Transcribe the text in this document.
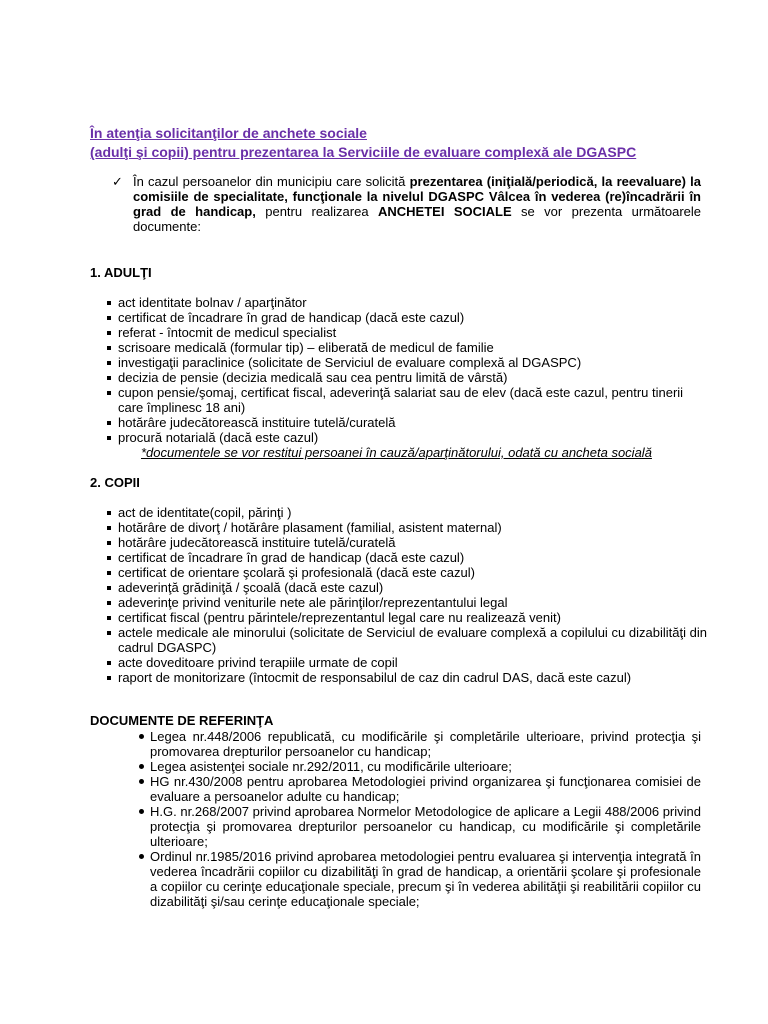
În atenţia solicitanţilor de anchete sociale
(adulţi şi copii) pentru prezentarea la Serviciile de evaluare complexă ale DGASPC
✓ În cazul persoanelor din municipiu care solicită prezentarea (iniţială/periodică, la reevaluare) la comisiile de specialitate, funcţionale la nivelul DGASPC Vâlcea în vederea (re)încadrării în grad de handicap, pentru realizarea ANCHETEI SOCIALE se vor prezenta următoarele documente:
1. ADULŢI
act identitate bolnav / aparţinător
certificat de încadrare în grad de handicap (dacă este cazul)
referat - întocmit de medicul specialist
scrisoare medicală (formular tip) – eliberată de medicul de familie
investigaţii paraclinice (solicitate de Serviciul de evaluare complexă al DGASPC)
decizia de pensie (decizia medicală sau cea pentru limită de vârstă)
cupon pensie/şomaj, certificat fiscal, adeverinţă salariat sau de elev (dacă este cazul, pentru tinerii care împlinesc 18 ani)
hotărâre judecătorească instituire tutelă/curatelă
procură notarială (dacă este cazul)
*documentele se vor restitui persoanei în cauză/aparţinătorului, odată cu ancheta socială
2. COPII
act de identitate(copil, părinţi )
hotărâre de divorţ / hotărâre plasament (familial, asistent maternal)
hotărâre judecătorească instituire tutelă/curatelă
certificat de încadrare în grad de handicap (dacă este cazul)
certificat de orientare şcolară şi profesională (dacă este cazul)
adeverinţă grădiniţă / şcoală (dacă este cazul)
adeverinţe privind veniturile nete ale părinţilor/reprezentantului legal
certificat fiscal (pentru părintele/reprezentantul legal care nu realizează venit)
actele medicale ale minorului (solicitate de Serviciul de evaluare complexă a copilului cu dizabilităţi din cadrul DGASPC)
acte doveditoare privind terapiile urmate de copil
raport de monitorizare (întocmit de responsabilul de caz din cadrul DAS, dacă este cazul)
DOCUMENTE DE REFERINŢA
Legea nr.448/2006 republicată, cu modificările şi completările ulterioare, privind protecţia şi promovarea drepturilor persoanelor cu handicap;
Legea asistenţei sociale nr.292/2011, cu modificările ulterioare;
HG nr.430/2008 pentru aprobarea Metodologiei privind organizarea şi funcţionarea comisiei de evaluare a persoanelor adulte cu handicap;
H.G. nr.268/2007 privind aprobarea Normelor Metodologice de aplicare a Legii 488/2006 privind protecţia şi promovarea drepturilor persoanelor cu handicap, cu modificările şi completările ulterioare;
Ordinul nr.1985/2016 privind aprobarea metodologiei pentru evaluarea şi intervenţia integrată în vederea încadrării copiilor cu dizabilităţi în grad de handicap, a orientării şcolare şi profesionale a copiilor cu cerinţe educaţionale speciale, precum şi în vederea abilităţii şi reabilitării copiilor cu dizabilităţi şi/sau cerinţe educaţionale speciale;
